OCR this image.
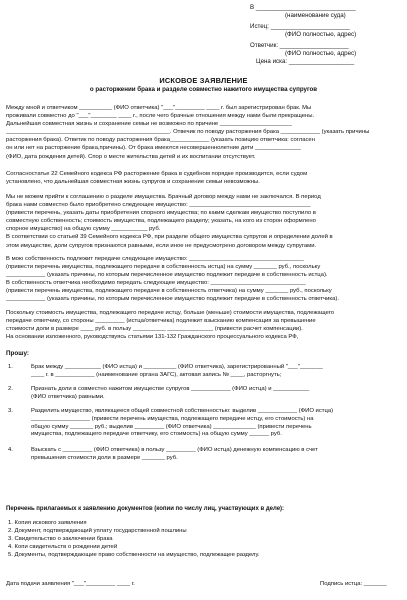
В _____________________________
(наименование суда)
Истец: _______________________
(ФИО полностью, адрес)
Ответчик: ____________________
(ФИО полностью, адрес)
Цена иска: ___________________
ИСКОВОЕ ЗАЯВЛЕНИЕ
о расторжении брака и разделе совместно нажитого имущества супругов
Между мной и ответчиком __________ (ФИО ответчика) "___"_________ ____ г. был зарегистрирован брак. Мы
проживали совместно до "___"________ ____ г., после чего брачные отношения между нами были прекращены.
Дальнейшая совместная жизнь и сохранение семьи не возможно по причине ______________________
__________________________________________________. Отвечик по поводу расторжения брака ____________ (указать причины
расторжения брака). Ответик по поводу расторжения брака____________ (указать позицию ответчика: согласен
он или нет на расторжение брака,причины). От брака имеются несовершеннолетние дети ______________
(ФИО, дата рождения детей). Спор о месте жительства детей и их воспитании отсутствует.
Согласностатье 22 Семейного кодекса РФ расторжение брака в судебном порядке производится, если судом
установлено, что дальнейшая совместная жизнь супругов и сохранение семьи невозможны.
Мы не можем прийти к соглашению о разделе имущества. Брачный договор между нами не заключался. В период
брака нами совместно было приобретено следующее имущество: _____________________________________
(привести перечень, указать даты приобретения спорного имущества; по каким сделкам имущество поступило в
совместную собственность; стоимость имущества, подлежащего разделу; указать, на кого из сторон оформлено
спорное имущество) на общую сумму ___________ руб.
В соответствии со статьей 39 Семейного кодекса РФ, при разделе общего имущества супругов и определении долей в
этом имуществе, доли супругов признаются равными, если иное не предусмотрено договором между супругами.
В мою собственность подлежит передаче следующее имущество: ___________________________________
(привести перечень имущества, подлежащего передаче в собственность истца) на сумму _______ руб., поскольку
____________ (указать причины, по которым перечисленное имущество подлежит передаче в собственность истца).
В собственность ответчика необходимо передать следующее имущество: _____________________________
(привести перечень имущества, подлежащего передаче в собственность ответчика) на сумму _______ руб., поскольку
____________ (указать причины, по которым перечисленное имущество подлежит передаче в собственность ответчика).
Поскольку стоимость имущества, подлежащего передаче истцу, больше (меньше) стоимости имущества, подлежащего
передаче ответчику, со стороны _________ (истца/ответчика) подлежит взысканию компенсация за превышение
стоимости доли в размере ____ руб. в пользу __________ ______________ (привести расчет компенсации).
На основании изложенного, руководствуясь статьями 131-132 Гражданского процессуального кодекса РФ,
Прошу:
1.	Брак между ___________ (ФИО истца) и __________ (ФИО ответчика), зарегистрированный "___"_______
____ г. в ____________ (наименование органа ЗАГС), актовая запись № ____, расторгнуть;
2.	Признать доли в совместно нажитом имуществе супругов ____________ (ФИО истца) и ___________
(ФИО ответчика) равными.
3.	Разделить имущество, являющееся общей совместной собственностью: выделив ____________ (ФИО истца)
__________________ (привести перечень имущества, подлежащего передаче истцу, его стоимость) на
общую сумму _______ руб.; выделив _________ (ФИО ответчика) _____________ (привести перечень
имущества, подлежащего передаче ответчику, его стоимость) на общую сумму ______ руб.
4.	Взыскать с _________ (ФИО ответчика) в пользу _________ (ФИО истца) денежную компенсацию в счет
превышения стоимости доли в размере _______ руб.
Перечень прилагаемых к заявлению документов (копии по числу лиц, участвующих в деле):
1. Копия искового заявления
2. Документ, подтверждающий уплату государственной пошлины
3. Свидетельство о заключении брака
4. Копи свидетельств о рождении детей
5. Документы, подтверждающие право собственности на имущество, подлежащее разделу.
Дата подачи заявления "___"_________ ____ г.	Подпись истца: _______
